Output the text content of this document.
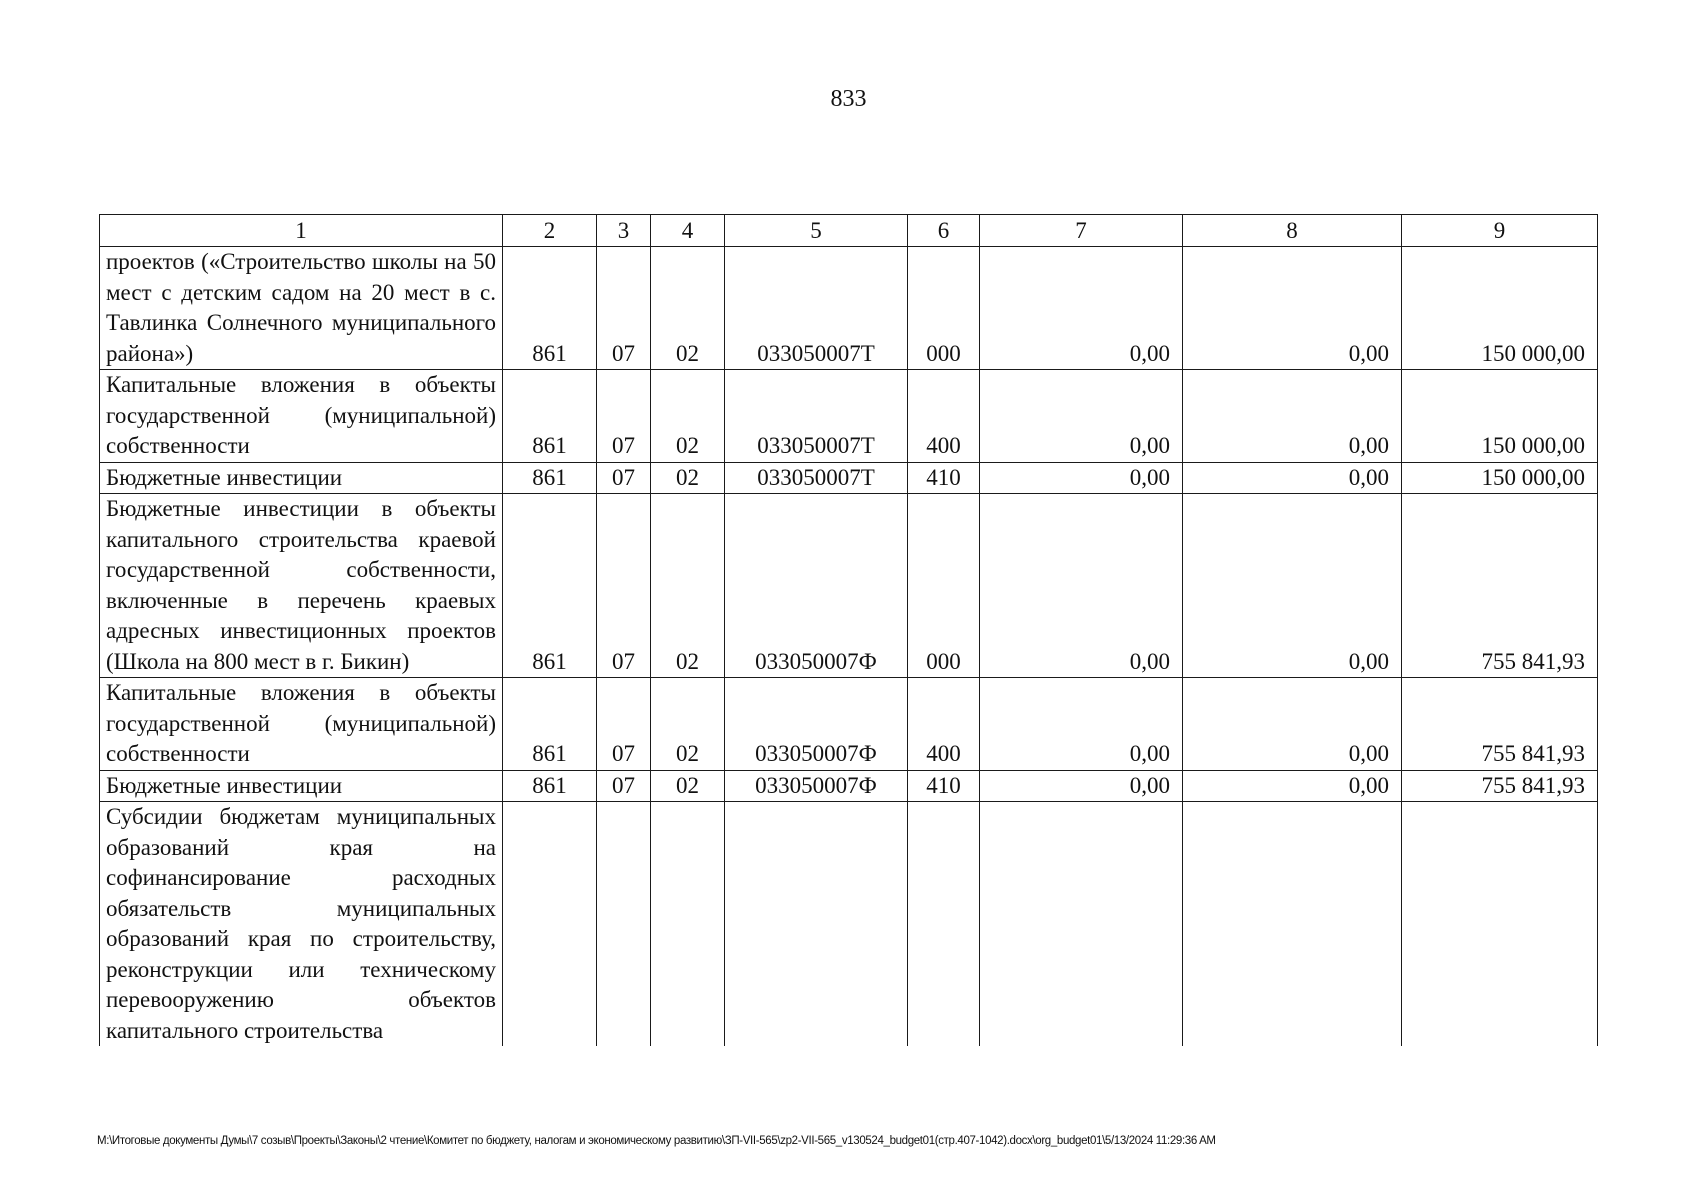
833
1	2	3	4	5	6	7	8	9
проектов («Строительство школы на 50 мест с детским садом на 20 мест в с. Тавлинка Солнечного муниципального района»)	861	07	02	033050007Т	000	0,00	0,00	150 000,00
Капитальные вложения в объекты государственной (муниципальной) собственности	861	07	02	033050007Т	400	0,00	0,00	150 000,00
Бюджетные инвестиции	861	07	02	033050007Т	410	0,00	0,00	150 000,00
Бюджетные инвестиции в объекты капитального строительства краевой государственной собственности, включенные в перечень краевых адресных инвестиционных проектов (Школа на 800 мест в г. Бикин)	861	07	02	033050007Ф	000	0,00	0,00	755 841,93
Капитальные вложения в объекты государственной (муниципальной) собственности	861	07	02	033050007Ф	400	0,00	0,00	755 841,93
Бюджетные инвестиции	861	07	02	033050007Ф	410	0,00	0,00	755 841,93
Субсидии бюджетам муниципальных образований края на софинансирование расходных обязательств муниципальных образований края по строительству, реконструкции или техническому перевооружению объектов капитального строительства								
M:\Итоговые документы Думы\7 созыв\Проекты\Законы\2 чтение\Комитет по бюджету, налогам и экономическому развитию\ЗП-VII-565\zp2-VII-565_v130524_budget01(стр.407-1042).docx\org_budget01\5/13/2024 11:29:36 AM
